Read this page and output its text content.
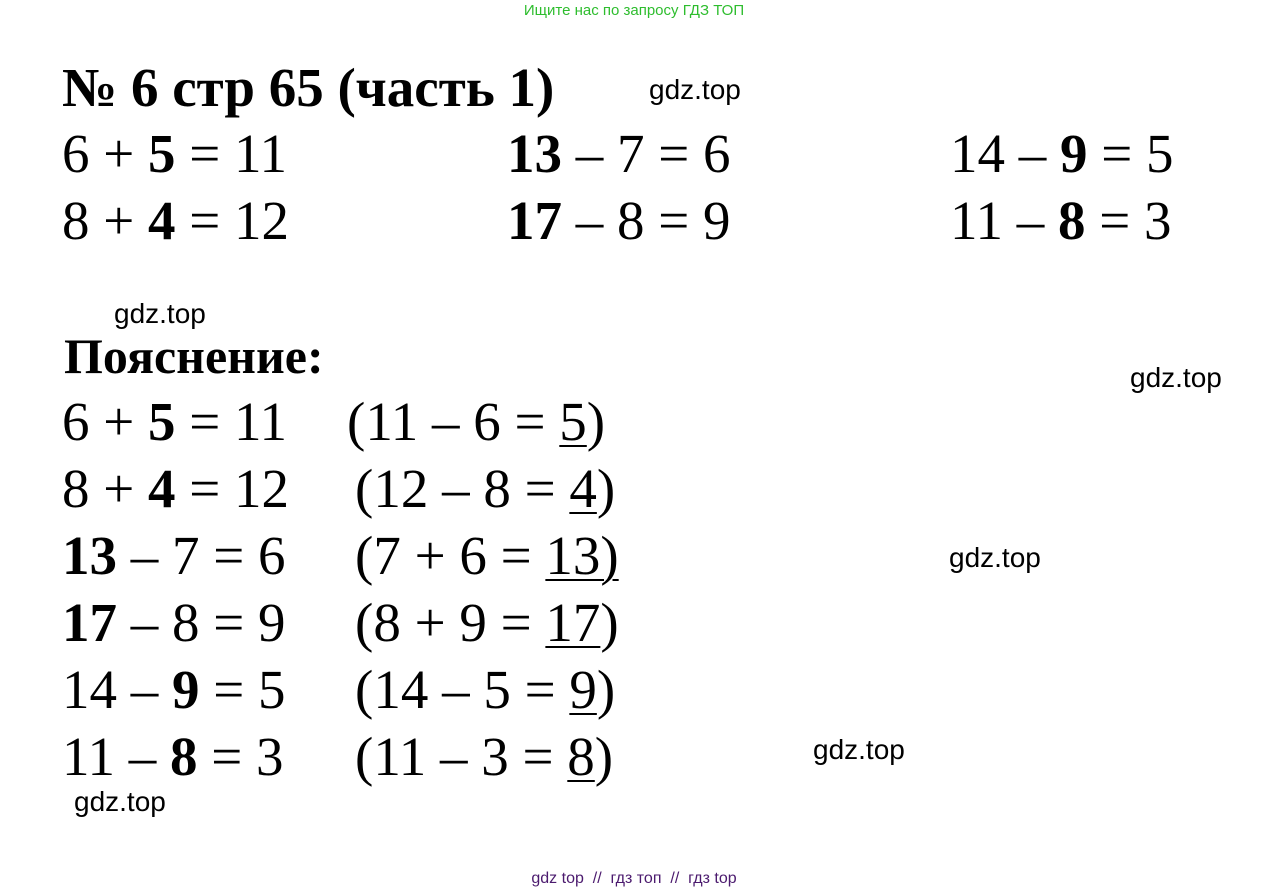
Ищите нас по запросу ГДЗ ТОП
№ 6 стр 65 (часть 1)	gdz.top
6 + 5 = 11	13 – 7 = 6	14 – 9 = 5
8 + 4 = 12	17 – 8 = 9	11 – 8 = 3
gdz.top
Пояснение:	gdz.top
6 + 5 = 11 (11 – 6 = 5)
8 + 4 = 12 (12 – 8 = 4)
13 – 7 = 6 (7 + 6 = 13)
17 – 8 = 9 (8 + 9 = 17)
14 – 9 = 5 (14 – 5 = 9)
11 – 8 = 3 (11 – 3 = 8)
gdz.top
gdz.top
gdz.top
gdz top  //  гдз топ  //  гдз top
